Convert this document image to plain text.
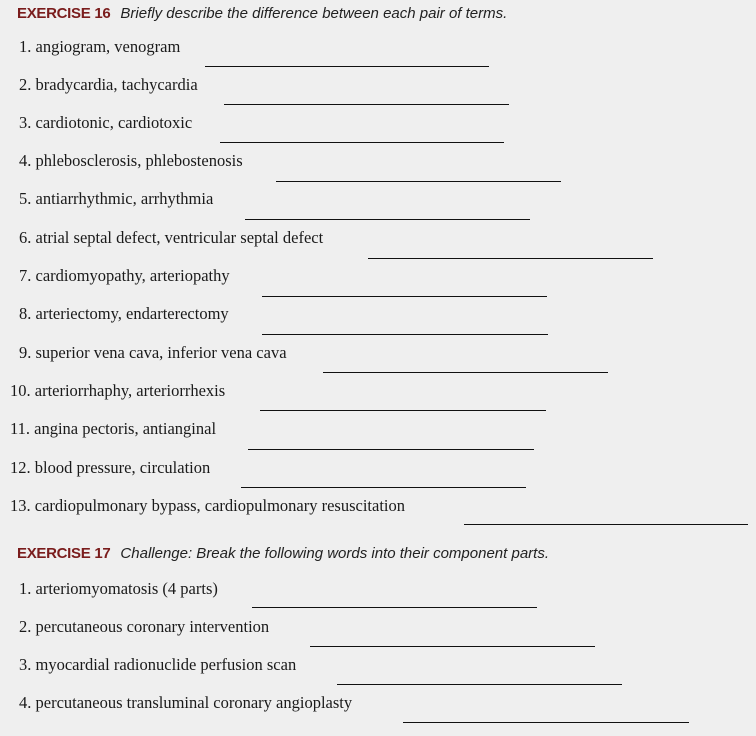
EXERCISE 16 Briefly describe the difference between each pair of terms.
1. angiogram, venogram
2. bradycardia, tachycardia
3. cardiotonic, cardiotoxic
4. phlebosclerosis, phlebostenosis
5. antiarrhythmic, arrhythmia
6. atrial septal defect, ventricular septal defect
7. cardiomyopathy, arteriopathy
8. arteriectomy, endarterectomy
9. superior vena cava, inferior vena cava
10. arteriorrhaphy, arteriorrhexis
11. angina pectoris, antianginal
12. blood pressure, circulation
13. cardiopulmonary bypass, cardiopulmonary resuscitation
EXERCISE 17 Challenge: Break the following words into their component parts.
1. arteriomyomatosis (4 parts)
2. percutaneous coronary intervention
3. myocardial radionuclide perfusion scan
4. percutaneous transluminal coronary angioplasty
